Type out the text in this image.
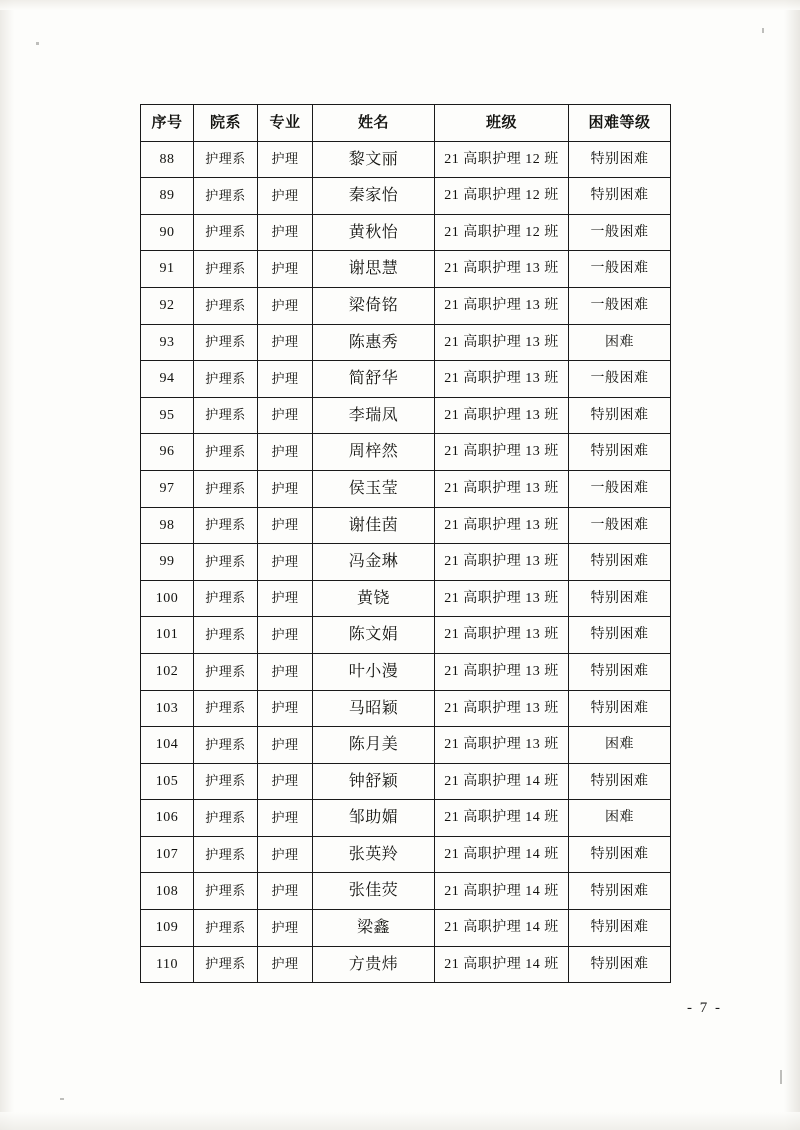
序号	院系	专业	姓名	班级	困难等级
88	护理系	护理	黎文丽	21 高职护理 12 班	特别困难
89	护理系	护理	秦家怡	21 高职护理 12 班	特别困难
90	护理系	护理	黄秋怡	21 高职护理 12 班	一般困难
91	护理系	护理	谢思慧	21 高职护理 13 班	一般困难
92	护理系	护理	梁倚铭	21 高职护理 13 班	一般困难
93	护理系	护理	陈惠秀	21 高职护理 13 班	困难
94	护理系	护理	简舒华	21 高职护理 13 班	一般困难
95	护理系	护理	李瑞凤	21 高职护理 13 班	特别困难
96	护理系	护理	周梓然	21 高职护理 13 班	特别困难
97	护理系	护理	侯玉莹	21 高职护理 13 班	一般困难
98	护理系	护理	谢佳茵	21 高职护理 13 班	一般困难
99	护理系	护理	冯金琳	21 高职护理 13 班	特别困难
100	护理系	护理	黄铙	21 高职护理 13 班	特别困难
101	护理系	护理	陈文娟	21 高职护理 13 班	特别困难
102	护理系	护理	叶小漫	21 高职护理 13 班	特别困难
103	护理系	护理	马昭颖	21 高职护理 13 班	特别困难
104	护理系	护理	陈月美	21 高职护理 13 班	困难
105	护理系	护理	钟舒颖	21 高职护理 14 班	特别困难
106	护理系	护理	邹助媚	21 高职护理 14 班	困难
107	护理系	护理	张英羚	21 高职护理 14 班	特别困难
108	护理系	护理	张佳荧	21 高职护理 14 班	特别困难
109	护理系	护理	梁鑫	21 高职护理 14 班	特别困难
110	护理系	护理	方贵炜	21 高职护理 14 班	特别困难
- 7 -
